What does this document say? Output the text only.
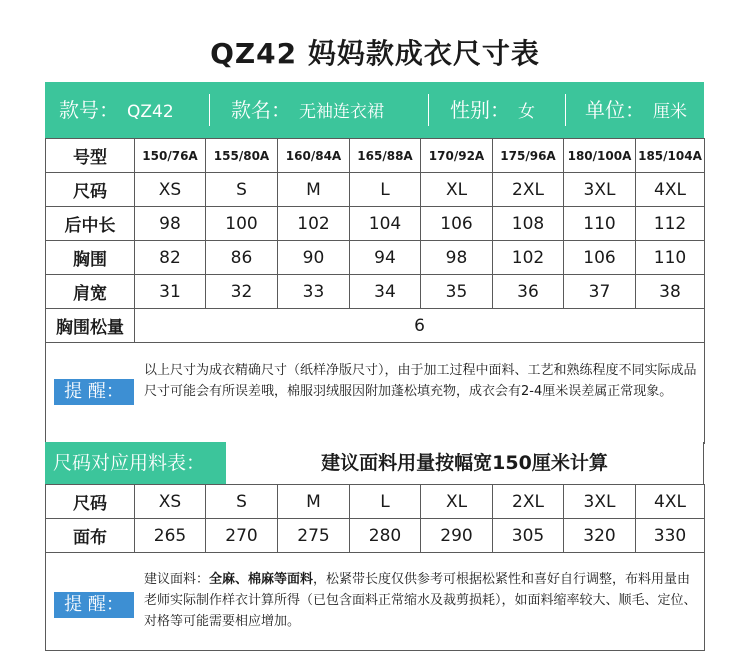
QZ42 妈妈款成衣尺寸表
款号： QZ42	款名： 无袖连衣裙	性别： 女	单位： 厘米
号型	150/76A	155/80A	160/84A	165/88A	170/92A	175/96A	180/100A	185/104A
尺码	XS	S	M	L	XL	2XL	3XL	4XL
后中长	98	100	102	104	106	108	110	112
胸围	82	86	90	94	98	102	106	110
肩宽	31	32	33	34	35	36	37	38
胸围松量	6							
提 醒：
以上尺寸为成衣精确尺寸（纸样净版尺寸），由于加工过程中面料、工艺和熟练程度不同实际成品尺寸可能会有所误差哦，棉服羽绒服因附加蓬松填充物，成衣会有2-4厘米误差属正常现象。
尺码对应用料表：	建议面料用量按幅宽150厘米计算
尺码	XS	S	M	L	XL	2XL	3XL	4XL
面布	265	270	275	280	290	305	320	330
提 醒：
建议面料：全麻、棉麻等面料，松紧带长度仅供参考可根据松紧性和喜好自行调整，布料用量由老师实际制作样衣计算所得（已包含面料正常缩水及裁剪损耗），如面料缩率较大、顺毛、定位、对格等可能需要相应增加。
